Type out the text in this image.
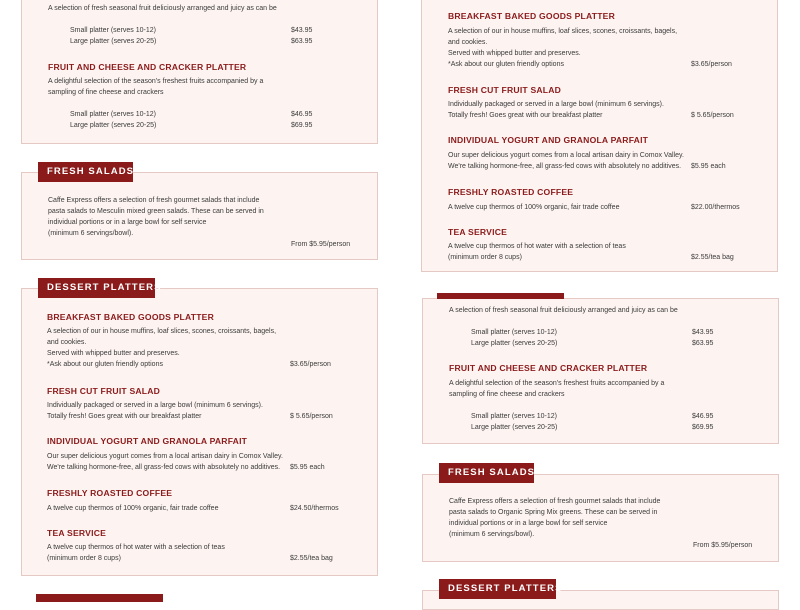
A selection of fresh seasonal fruit deliciously arranged and juicy as can be
Small platter (serves 10-12)	$43.95
Large platter (serves 20-25)	$63.95
FRUIT AND CHEESE AND CRACKER PLATTER
A delightful selection of the season's freshest fruits accompanied by a
sampling of fine cheese and crackers
Small platter (serves 10-12)	$46.95
Large platter (serves 20-25)	$69.95
FRESH SALADS
Caffe Express offers a selection of fresh gourmet salads that include
pasta salads to Mesculin mixed green salads. These can be served in
individual portions or in a large bowl for self service
(minimum 6 servings/bowl).
From $5.95/person
DESSERT PLATTERS
BREAKFAST BAKED GOODS PLATTER
A selection of our in house muffins, loaf slices, scones, croissants, bagels,
and cookies.
Served with whipped butter and preserves.
*Ask about our gluten friendly options	$3.65/person
FRESH CUT FRUIT SALAD
Individually packaged or served in a large bowl (minimum 6 servings).
Totally fresh! Goes great with our breakfast platter	$ 5.65/person
INDIVIDUAL YOGURT AND GRANOLA PARFAIT
Our super delicious yogurt comes from a local artisan dairy in Comox Valley.
We're talking hormone-free, all grass-fed cows with absolutely no additives. $5.95 each
FRESHLY ROASTED COFFEE
A twelve cup thermos of 100% organic, fair trade coffee	$24.50/thermos
TEA SERVICE
A twelve cup thermos of hot water with a selection of teas
(minimum order 8 cups)	$2.55/tea bag
BREAKFAST BAKED GOODS PLATTER
A selection of our in house muffins, loaf slices, scones, croissants, bagels,
and cookies.
Served with whipped butter and preserves.
*Ask about our gluten friendly options	$3.65/person
FRESH CUT FRUIT SALAD
Individually packaged or served in a large bowl (minimum 6 servings).
Totally fresh! Goes great with our breakfast platter	$ 5.65/person
INDIVIDUAL YOGURT AND GRANOLA PARFAIT
Our super delicious yogurt comes from a local artisan dairy in Comox Valley.
We're talking hormone-free, all grass-fed cows with absolutely no additives. $5.95 each
FRESHLY ROASTED COFFEE
A twelve cup thermos of 100% organic, fair trade coffee	$22.00/thermos
TEA SERVICE
A twelve cup thermos of hot water with a selection of teas
(minimum order 8 cups)	$2.55/tea bag
A selection of fresh seasonal fruit deliciously arranged and juicy as can be
Small platter (serves 10-12)	$43.95
Large platter (serves 20-25)	$63.95
FRUIT AND CHEESE AND CRACKER PLATTER
A delightful selection of the season's freshest fruits accompanied by a
sampling of fine cheese and crackers
Small platter (serves 10-12)	$46.95
Large platter (serves 20-25)	$69.95
FRESH SALADS
Caffe Express offers a selection of fresh gourmet salads that include
pasta salads to Organic Spring Mix greens. These can be served in
individual portions or in a large bowl for self service
(minimum 6 servings/bowl).
From $5.95/person
DESSERT PLATTERS
